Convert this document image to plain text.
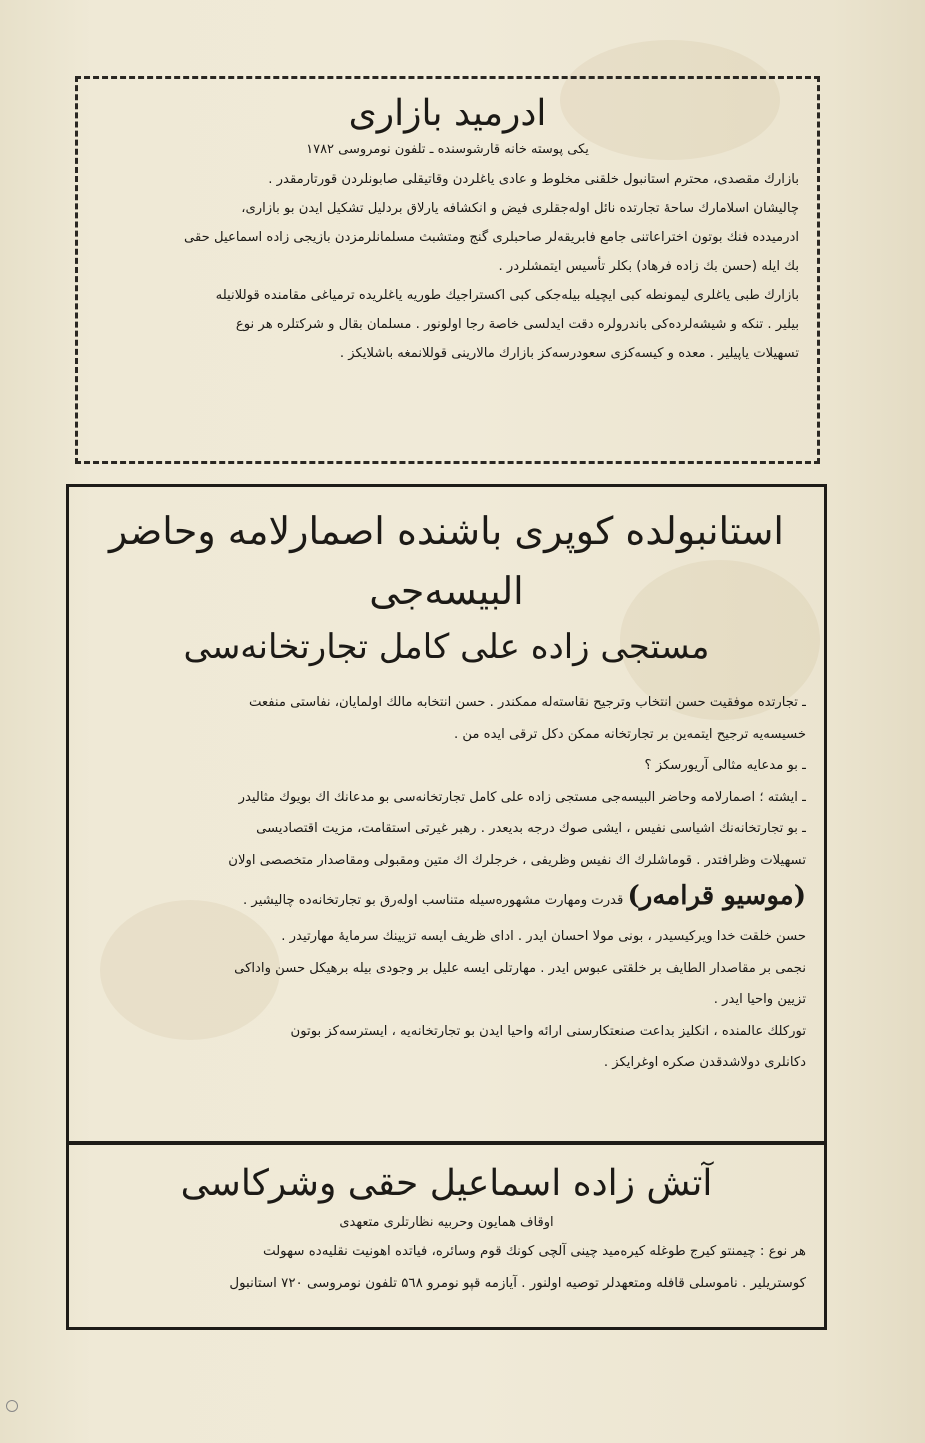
ادرمید بازاری
یکی پوسته خانه قارشوسنده ـ تلفون نومروسی ۱۷۸۲

بازارك مقصدی، محترم استانبول خلقنی مخلوط و عادی یاغلردن وقاتیقلی صابونلردن قورتارمقدر .

چالیشان اسلامارك ساحهٔ تجارتده نائل اوله‌جقلری فیض و انکشافه یارلاق بردلیل تشکیل ایدن بو بازاری،

ادرمیدده فنك بوتون اختراعاتنی جامع فابریقه‌لر صاحبلری گنج ومتشبث مسلمانلرمزدن بازیجی زاده اسماعیل حقی

بك ایله (حسن بك زاده فرهاد) بكلر تأسیس ایتمشلردر .

بازارك طبی یاغلری لیمونطه کبی ایچیله بیله‌جکی کبی اکستراجیك طوریه یاغلریده ترمیاغی مقامنده قوللانیله

بیلیر . تنکه و شیشه‌لرده‌کی باندرولره دقت ایدلسی خاصة رجا اولونور . مسلمان بقال و شرکتلره هر نوع

تسهیلات یاپیلیر . معده و کیسه‌کزی سعودرسه‌کز بازارك مالارینی قوللانمغه باشلایکز .

استانبولده کوپری باشنده اصمارلامه وحاضر البیسه‌جی
مستجی زاده علی کامل تجارتخانه‌سی

ـ تجارتده موفقیت حسن انتخاب وترجیح نقاسته‌له ممکندر . حسن انتخابه مالك اولمایان، نفاستی منفعت

خسیسه‌یه ترجیح ایتمه‌ین بر تجارتخانه ممکن دکل ترقی ایده من .

ـ بو مدعایه مثالی آریورسکز ؟

ـ ایشته ؛ اصمارلامه وحاضر البیسه‌جی مستجی زاده علی کامل تجارتخانه‌سی بو مدعانك اك بویوك مثالیدر

ـ بو تجارتخانه‌نك اشیاسی نفیس ، ایشی صوك درجه بدیعدر . رهبر غیرتی استقامت، مزیت اقتصادیسی

تسهیلات وظرافتدر . قوماشلرك اك نفیس وظریفی ، خرجلرك اك متین ومقبولی ومقاصدار متخصصی اولان

(موسیو قرامه‌ر) قدرت ومهارت مشهوره‌سیله متناسب اوله‌رق بو تجارتخانه‌ده چالیشیر .

حسن خلقت خدا ویرکیسیدر ، بونی مولا احسان ایدر . ادای ظریف ایسه تزیینك سرمایهٔ مهارتیدر .

نجمی بر مقاصدار الطایف بر خلقتی عبوس ایدر . مهارتلی ایسه علیل بر وجودی بیله برهیکل حسن واداکی

تزیین واحیا ایدر .

تورکلك عالمنده ، انکلیز بداعت صنعتکارسنی ارائه واحیا ایدن بو تجارتخانه‌یه ، ایسترسه‌کز بوتون

دکانلری دولاشدقدن صکره اوغرایکز .

آتش زاده اسماعیل حقی وشرکاسی
اوقاف همایون وحربیه نظارتلری متعهدی

هر نوع : چیمنتو کیرج طوغله کیره‌مید چینی آلچی کونك قوم وسائره، فیاتده اهونیت نقلیه‌ده سهولت

کوستریلیر . ناموسلی قافله ومتعهدلر توصیه اولنور . آیازمه قپو نومرو ۵٦۸ تلفون نومروسی ۷۲۰ استانبول
